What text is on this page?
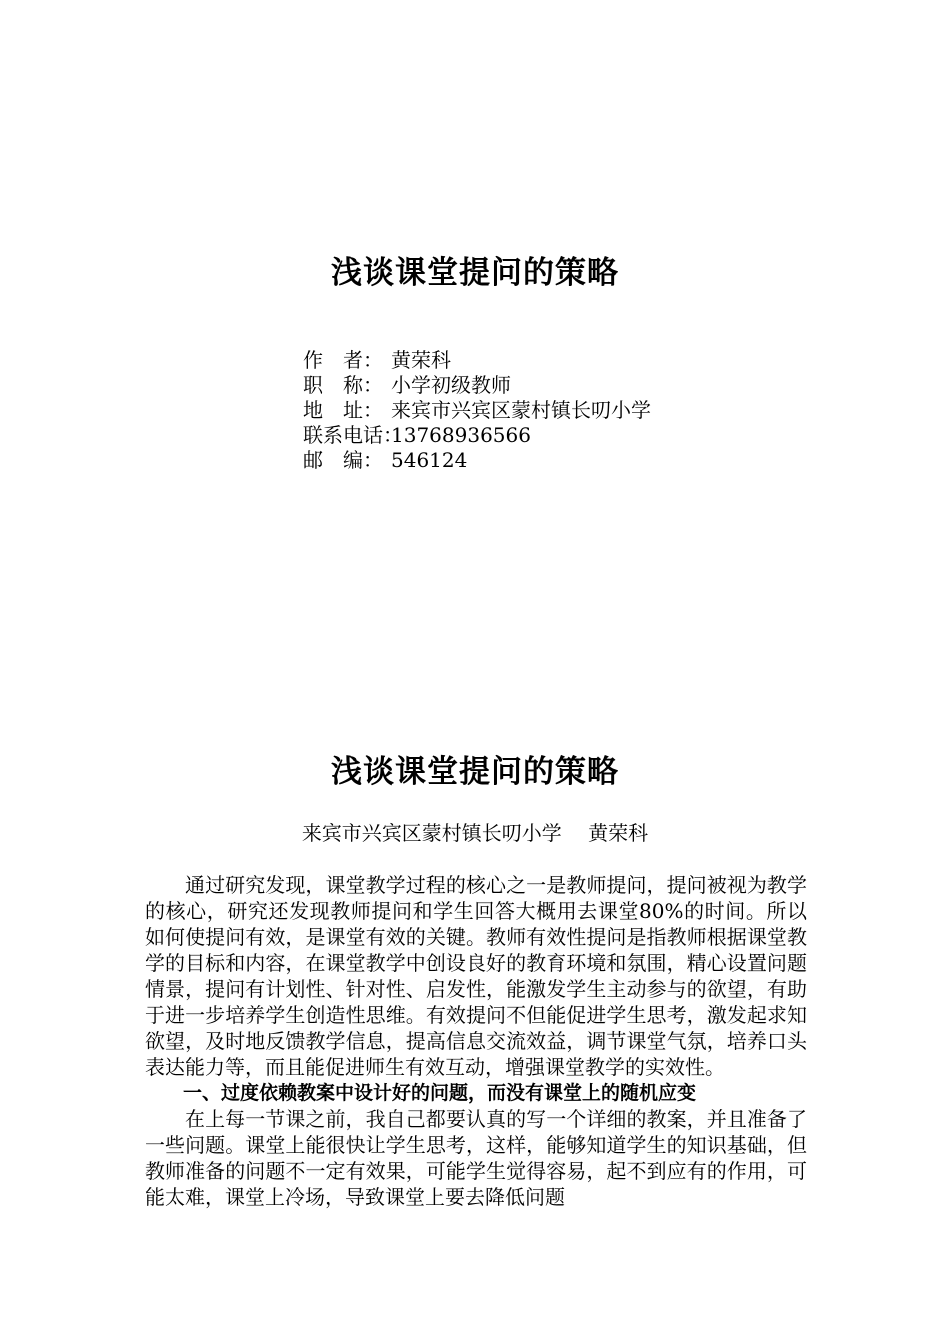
浅谈课堂提问的策略
作　者： 黄荣科
职　称： 小学初级教师
地　址： 来宾市兴宾区蒙村镇长叨小学
联系电话：13768936566
邮　编： 546124
浅谈课堂提问的策略
来宾市兴宾区蒙村镇长叨小学　 黄荣科

通过研究发现，课堂教学过程的核心之一是教师提问，提问被视为教学的核心，研究还发现教师提问和学生回答大概用去课堂80%的时间。所以如何使提问有效，是课堂有效的关键。教师有效性提问是指教师根据课堂教学的目标和内容，在课堂教学中创设良好的教育环境和氛围，精心设置问题情景，提问有计划性、针对性、启发性，能激发学生主动参与的欲望，有助于进一步培养学生创造性思维。有效提问不但能促进学生思考，激发起求知欲望，及时地反馈教学信息，提高信息交流效益，调节课堂气氛，培养口头表达能力等，而且能促进师生有效互动，增强课堂教学的实效性。

一、过度依赖教案中设计好的问题，而没有课堂上的随机应变

在上每一节课之前，我自己都要认真的写一个详细的教案，并且准备了一些问题。课堂上能很快让学生思考，这样，能够知道学生的知识基础，但教师准备的问题不一定有效果，可能学生觉得容易，起不到应有的作用，可能太难，课堂上冷场，导致课堂上要去降低问题
